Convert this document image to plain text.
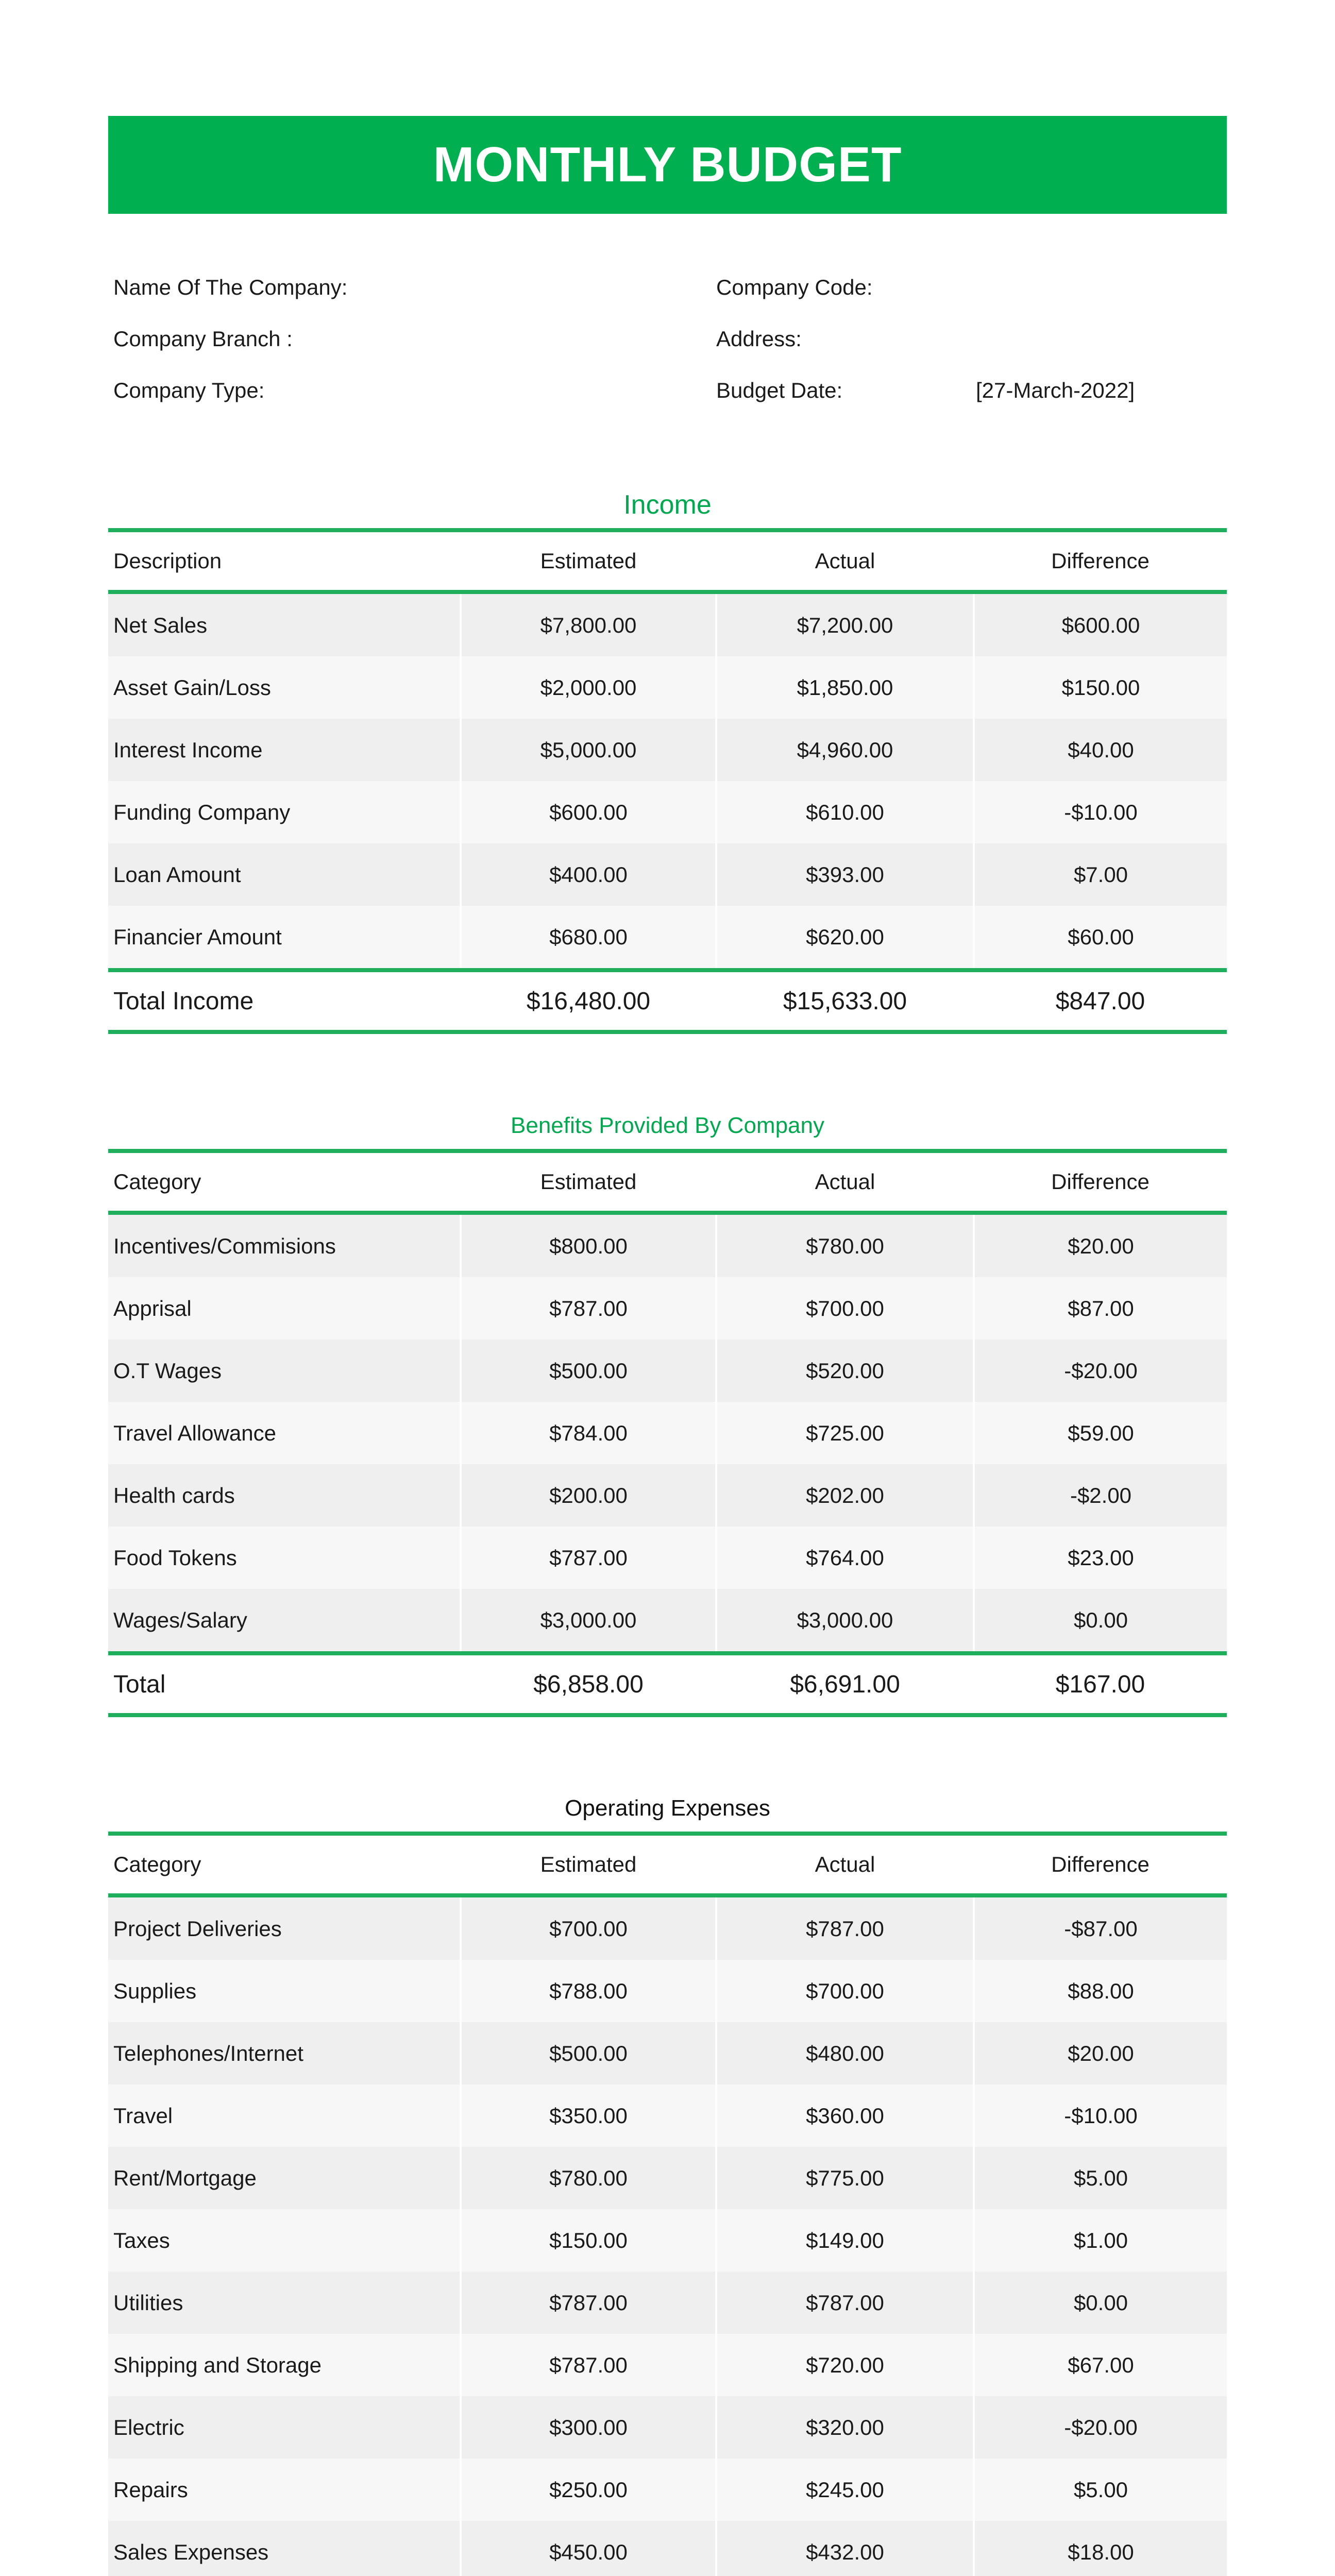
MONTHLY BUDGET
Name Of The Company:
Company Branch :
Company Type:
Company Code:
Address:
Budget Date:	[27-March-2022]
Income
Description	Estimated	Actual	Difference
Net Sales	$7,800.00	$7,200.00	$600.00
Asset Gain/Loss	$2,000.00	$1,850.00	$150.00
Interest Income	$5,000.00	$4,960.00	$40.00
Funding Company	$600.00	$610.00	-$10.00
Loan Amount	$400.00	$393.00	$7.00
Financier Amount	$680.00	$620.00	$60.00
Total Income	$16,480.00	$15,633.00	$847.00
Benefits Provided By Company
Category	Estimated	Actual	Difference
Incentives/Commisions	$800.00	$780.00	$20.00
Apprisal	$787.00	$700.00	$87.00
O.T Wages	$500.00	$520.00	-$20.00
Travel Allowance	$784.00	$725.00	$59.00
Health cards	$200.00	$202.00	-$2.00
Food Tokens	$787.00	$764.00	$23.00
Wages/Salary	$3,000.00	$3,000.00	$0.00
Total	$6,858.00	$6,691.00	$167.00
Operating Expenses
Category	Estimated	Actual	Difference
Project Deliveries	$700.00	$787.00	-$87.00
Supplies	$788.00	$700.00	$88.00
Telephones/Internet	$500.00	$480.00	$20.00
Travel	$350.00	$360.00	-$10.00
Rent/Mortgage	$780.00	$775.00	$5.00
Taxes	$150.00	$149.00	$1.00
Utilities	$787.00	$787.00	$0.00
Shipping and Storage	$787.00	$720.00	$67.00
Electric	$300.00	$320.00	-$20.00
Repairs	$250.00	$245.00	$5.00
Sales Expenses	$450.00	$432.00	$18.00
